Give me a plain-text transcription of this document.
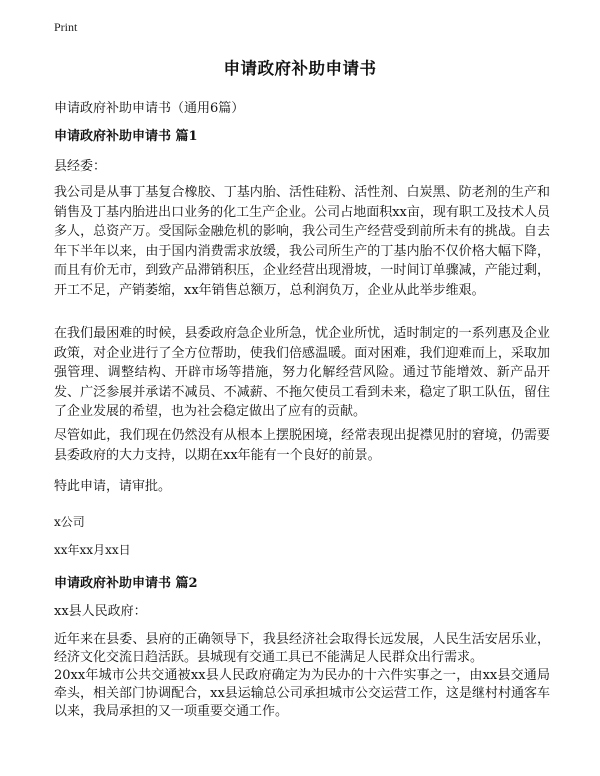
Print
申请政府补助申请书

申请政府补助申请书（通用6篇）

申请政府补助申请书 篇1

县经委：

我公司是从事丁基复合橡胶、丁基内胎、活性硅粉、活性剂、白炭黑、防老剂的生产和销售及丁基内胎进出口业务的化工生产企业。公司占地面积xx亩，现有职工及技术人员多人，总资产万。受国际金融危机的影响，我公司生产经营受到前所未有的挑战。自去年下半年以来，由于国内消费需求放缓，我公司所生产的丁基内胎不仅价格大幅下降，而且有价无市，到致产品滞销积压，企业经营出现滑坡，一时间订单骤减，产能过剩，开工不足，产销萎缩，xx年销售总额万，总利润负万，企业从此举步维艰。

在我们最困难的时候，县委政府急企业所急，忧企业所忧，适时制定的一系列惠及企业政策，对企业进行了全方位帮助，使我们倍感温暖。面对困难，我们迎难而上，采取加强管理、调整结构、开辟市场等措施，努力化解经营风险。通过节能增效、新产品开发、广泛参展并承诺不减员、不减薪、不拖欠使员工看到未来，稳定了职工队伍，留住了企业发展的希望，也为社会稳定做出了应有的贡献。

尽管如此，我们现在仍然没有从根本上摆脱困境，经常表现出捉襟见肘的窘境，仍需要县委政府的大力支持，以期在xx年能有一个良好的前景。

特此申请，请审批。

x公司

xx年xx月xx日

申请政府补助申请书 篇2

xx县人民政府：

近年来在县委、县府的正确领导下，我县经济社会取得长远发展，人民生活安居乐业，经济文化交流日趋活跃。县城现有交通工具已不能满足人民群众出行需求。

20xx年城市公共交通被xx县人民政府确定为为民办的十六件实事之一，由xx县交通局牵头，相关部门协调配合，xx县运输总公司承担城市公交运营工作，这是继村村通客车以来，我局承担的又一项重要交通工作。
